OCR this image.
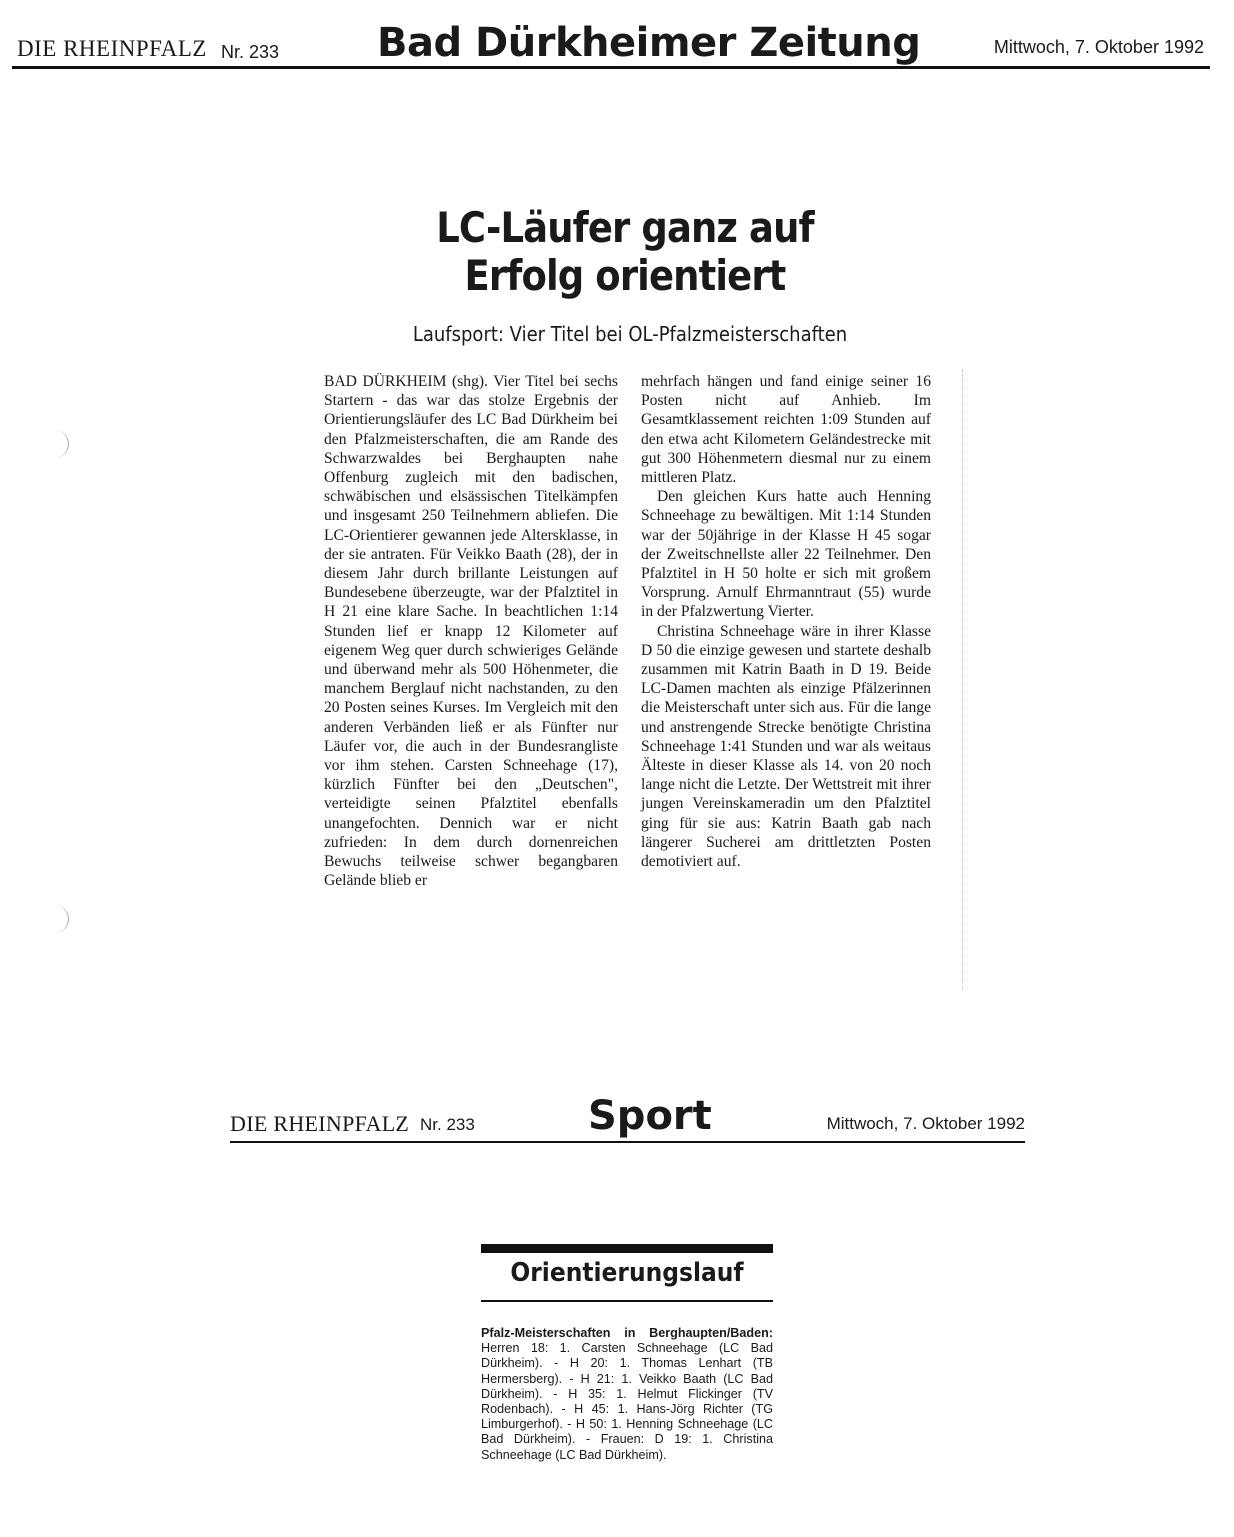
DIE RHEINPFALZ Nr. 233 Bad Dürkheimer Zeitung	Mittwoch, 7. Oktober 1992
LC-Läufer ganz auf
Erfolg orientiert
Laufsport: Vier Titel bei OL-Pfalzmeisterschaften

BAD DÜRKHEIM (shg). Vier Titel bei sechs Startern - das war das stolze Ergebnis der Orientierungsläufer des LC Bad Dürkheim bei den Pfalzmeisterschaften, die am Rande des Schwarzwaldes bei Berghaupten nahe Offenburg zugleich mit den badischen, schwäbischen und elsässischen Titelkämpfen und insgesamt 250 Teilnehmern abliefen. Die LC-Orientierer gewannen jede Altersklasse, in der sie antraten. Für Veikko Baath (28), der in diesem Jahr durch brillante Leistungen auf Bundesebene überzeugte, war der Pfalztitel in H 21 eine klare Sache. In beachtlichen 1:14 Stunden lief er knapp 12 Kilometer auf eigenem Weg quer durch schwieriges Gelände und überwand mehr als 500 Höhenmeter, die manchem Berglauf nicht nachstanden, zu den 20 Posten seines Kurses. Im Vergleich mit den anderen Verbänden ließ er als Fünfter nur Läufer vor, die auch in der Bundesrangliste vor ihm stehen. Carsten Schneehage (17), kürzlich Fünfter bei den „Deutschen", verteidigte seinen Pfalztitel ebenfalls unangefochten. Dennich war er nicht zufrieden: In dem durch dornenreichen Bewuchs teilweise schwer begangbaren Gelände blieb er

mehrfach hängen und fand einige seiner 16 Posten nicht auf Anhieb. Im Gesamtklassement reichten 1:09 Stunden auf den etwa acht Kilometern Geländestrecke mit gut 300 Höhenmetern diesmal nur zu einem mittleren Platz.

Den gleichen Kurs hatte auch Henning Schneehage zu bewältigen. Mit 1:14 Stunden war der 50jährige in der Klasse H 45 sogar der Zweitschnellste aller 22 Teilnehmer. Den Pfalztitel in H 50 holte er sich mit großem Vorsprung. Arnulf Ehrmanntraut (55) wurde in der Pfalzwertung Vierter.

Christina Schneehage wäre in ihrer Klasse D 50 die einzige gewesen und startete deshalb zusammen mit Katrin Baath in D 19. Beide LC-Damen machten als einzige Pfälzerinnen die Meisterschaft unter sich aus. Für die lange und anstrengende Strecke benötigte Christina Schneehage 1:41 Stunden und war als weitaus Älteste in dieser Klasse als 14. von 20 noch lange nicht die Letzte. Der Wettstreit mit ihrer jungen Vereinskameradin um den Pfalztitel ging für sie aus: Katrin Baath gab nach längerer Sucherei am drittletzten Posten demotiviert auf.

DIE RHEINPFALZ Nr. 233	Sport	Mittwoch, 7. Oktober 1992
Orientierungslauf
Pfalz-Meisterschaften in Berghaupten/Baden: Herren 18: 1. Carsten Schneehage (LC Bad Dürkheim). - H 20: 1. Thomas Lenhart (TB Hermersberg). - H 21: 1. Veikko Baath (LC Bad Dürkheim). - H 35: 1. Helmut Flickinger (TV Rodenbach). - H 45: 1. Hans-Jörg Richter (TG Limburgerhof). - H 50: 1. Henning Schneehage (LC Bad Dürkheim). - Frauen: D 19: 1. Christina Schneehage (LC Bad Dürkheim).
